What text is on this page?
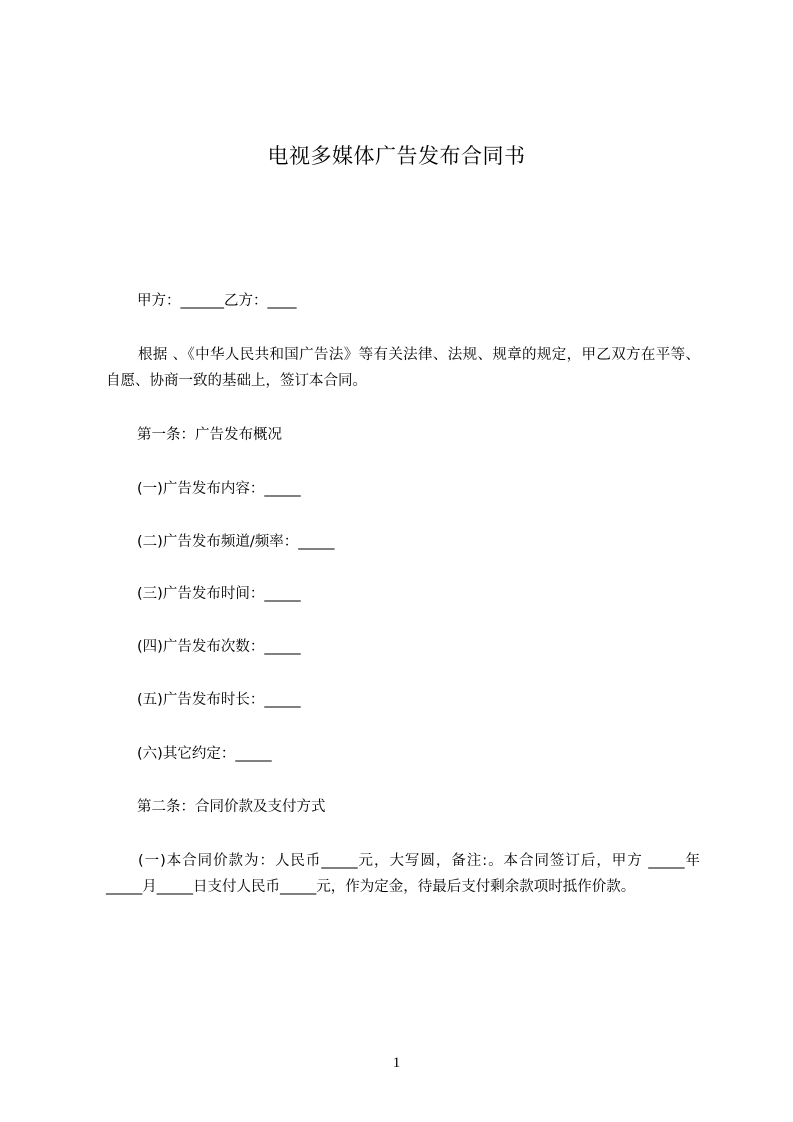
电视多媒体广告发布合同书
甲方：______乙方：____
根据 、《中华人民共和国广告法》等有关法律、法规、规章的规定，甲乙双方在平等、自愿、协商一致的基础上，签订本合同。
第一条：广告发布概况
(一)广告发布内容：_____
(二)广告发布频道/频率：_____
(三)广告发布时间：_____
(四)广告发布次数：_____
(五)广告发布时长：_____
(六)其它约定：_____
第二条：合同价款及支付方式
(一)本合同价款为：人民币_____元，大写圆，备注:。本合同签订后，甲方 _____年_____月_____日支付人民币_____元，作为定金，待最后支付剩余款项时抵作价款。
1
